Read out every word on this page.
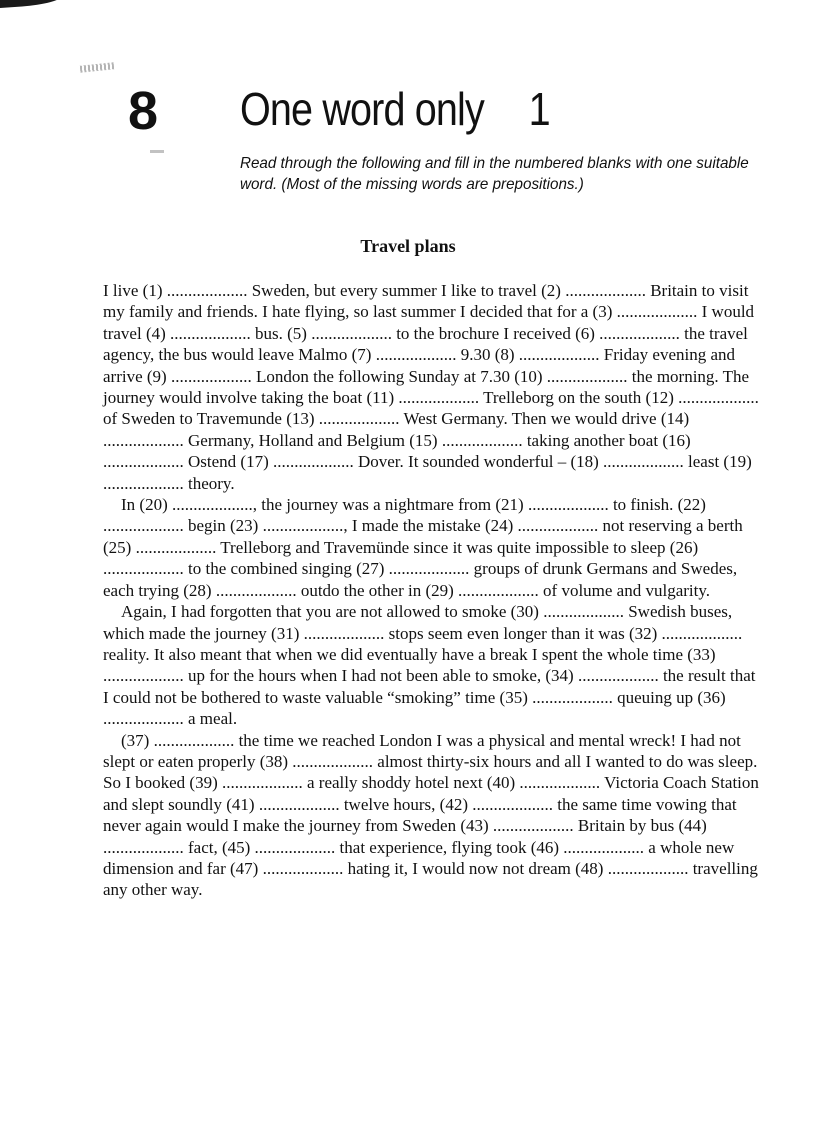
8 One word only 1
Read through the following and fill in the numbered blanks with one suitable word. (Most of the missing words are prepositions.)
Travel plans

I live (1) ................... Sweden, but every summer I like to travel (2) ................... Britain to visit my family and friends. I hate flying, so last summer I decided that for a (3) ................... I would travel (4) ................... bus. (5) ................... to the brochure I received (6) ................... the travel agency, the bus would leave Malmo (7) ................... 9.30 (8) ................... Friday evening and arrive (9) ................... London the following Sunday at 7.30 (10) ................... the morning. The journey would involve taking the boat (11) ................... Trelleborg on the south (12) ................... of Sweden to Travemunde (13) ................... West Germany. Then we would drive (14) ................... Germany, Holland and Belgium (15) ................... taking another boat (16) ................... Ostend (17) ................... Dover. It sounded wonderful – (18) ................... least (19) ................... theory.

In (20) ..................., the journey was a nightmare from (21) ................... to finish. (22) ................... begin (23) ..................., I made the mistake (24) ................... not reserving a berth (25) ................... Trelleborg and Travemünde since it was quite impossible to sleep (26) ................... to the combined singing (27) ................... groups of drunk Germans and Swedes, each trying (28) ................... outdo the other in (29) ................... of volume and vulgarity.

Again, I had forgotten that you are not allowed to smoke (30) ................... Swedish buses, which made the journey (31) ................... stops seem even longer than it was (32) ................... reality. It also meant that when we did eventually have a break I spent the whole time (33) ................... up for the hours when I had not been able to smoke, (34) ................... the result that I could not be bothered to waste valuable “smoking” time (35) ................... queuing up (36) ................... a meal.

(37) ................... the time we reached London I was a physical and mental wreck! I had not slept or eaten properly (38) ................... almost thirty-six hours and all I wanted to do was sleep. So I booked (39) ................... a really shoddy hotel next (40) ................... Victoria Coach Station and slept soundly (41) ................... twelve hours, (42) ................... the same time vowing that never again would I make the journey from Sweden (43) ................... Britain by bus (44) ................... fact, (45) ................... that experience, flying took (46) ................... a whole new dimension and far (47) ................... hating it, I would now not dream (48) ................... travelling any other way.
